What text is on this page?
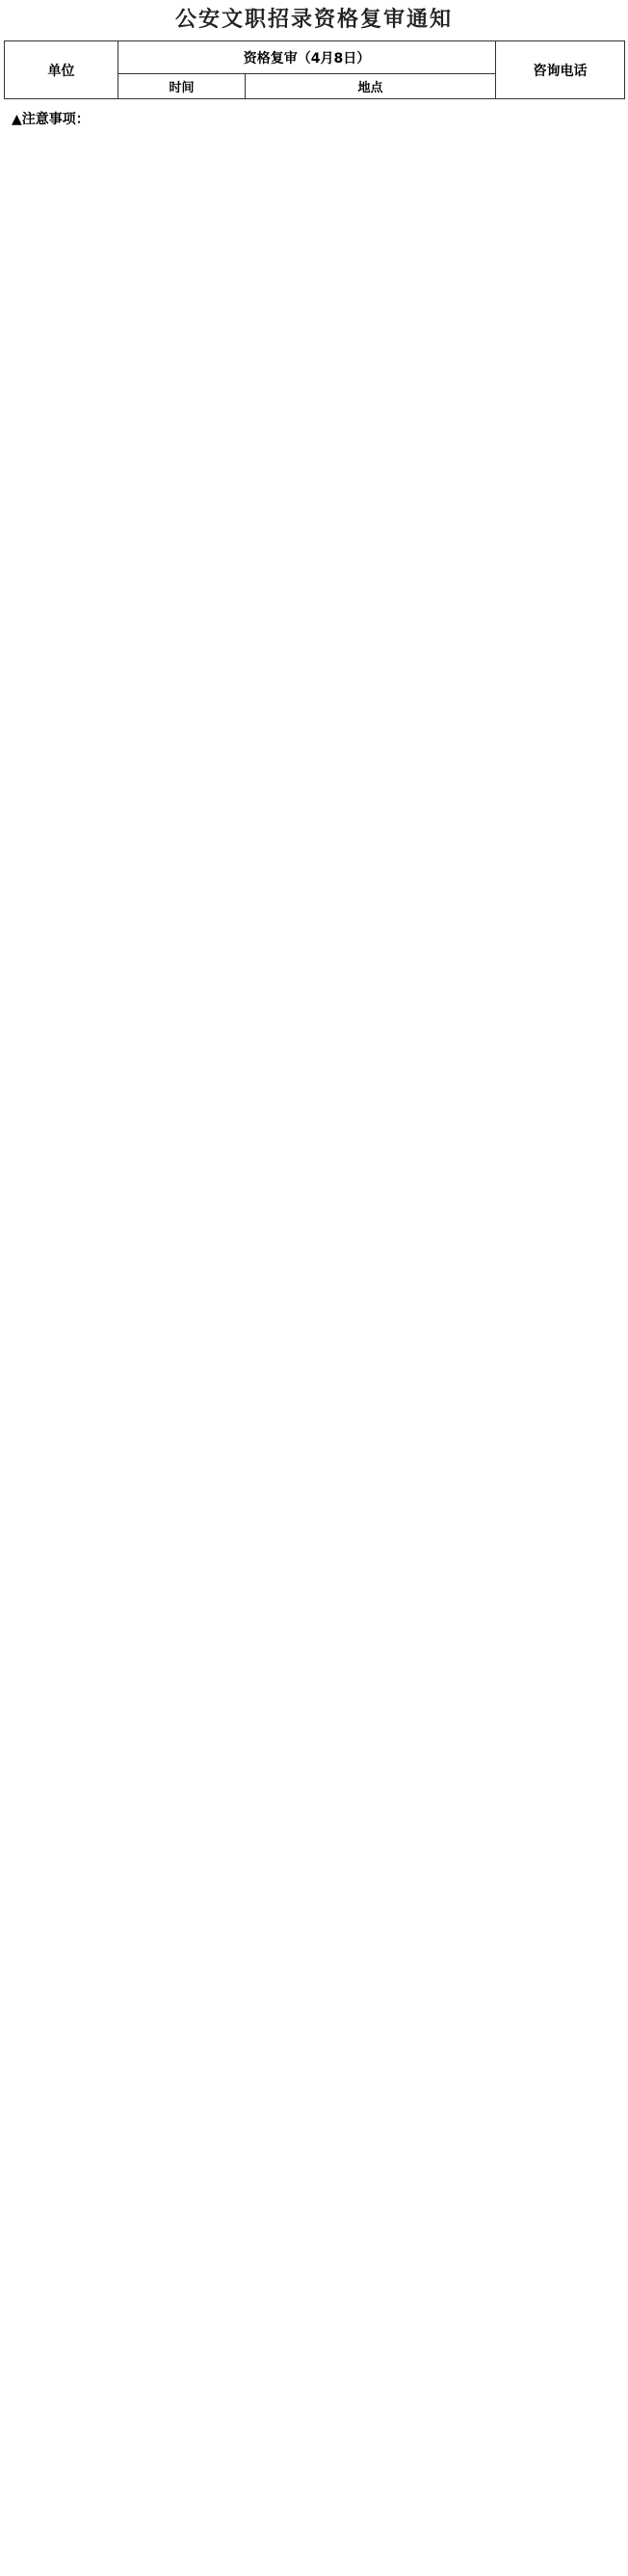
公安文职招录资格复审通知
单位	资格复审（4月8日）		咨询电话
	时间	地点	
▲注意事项：
